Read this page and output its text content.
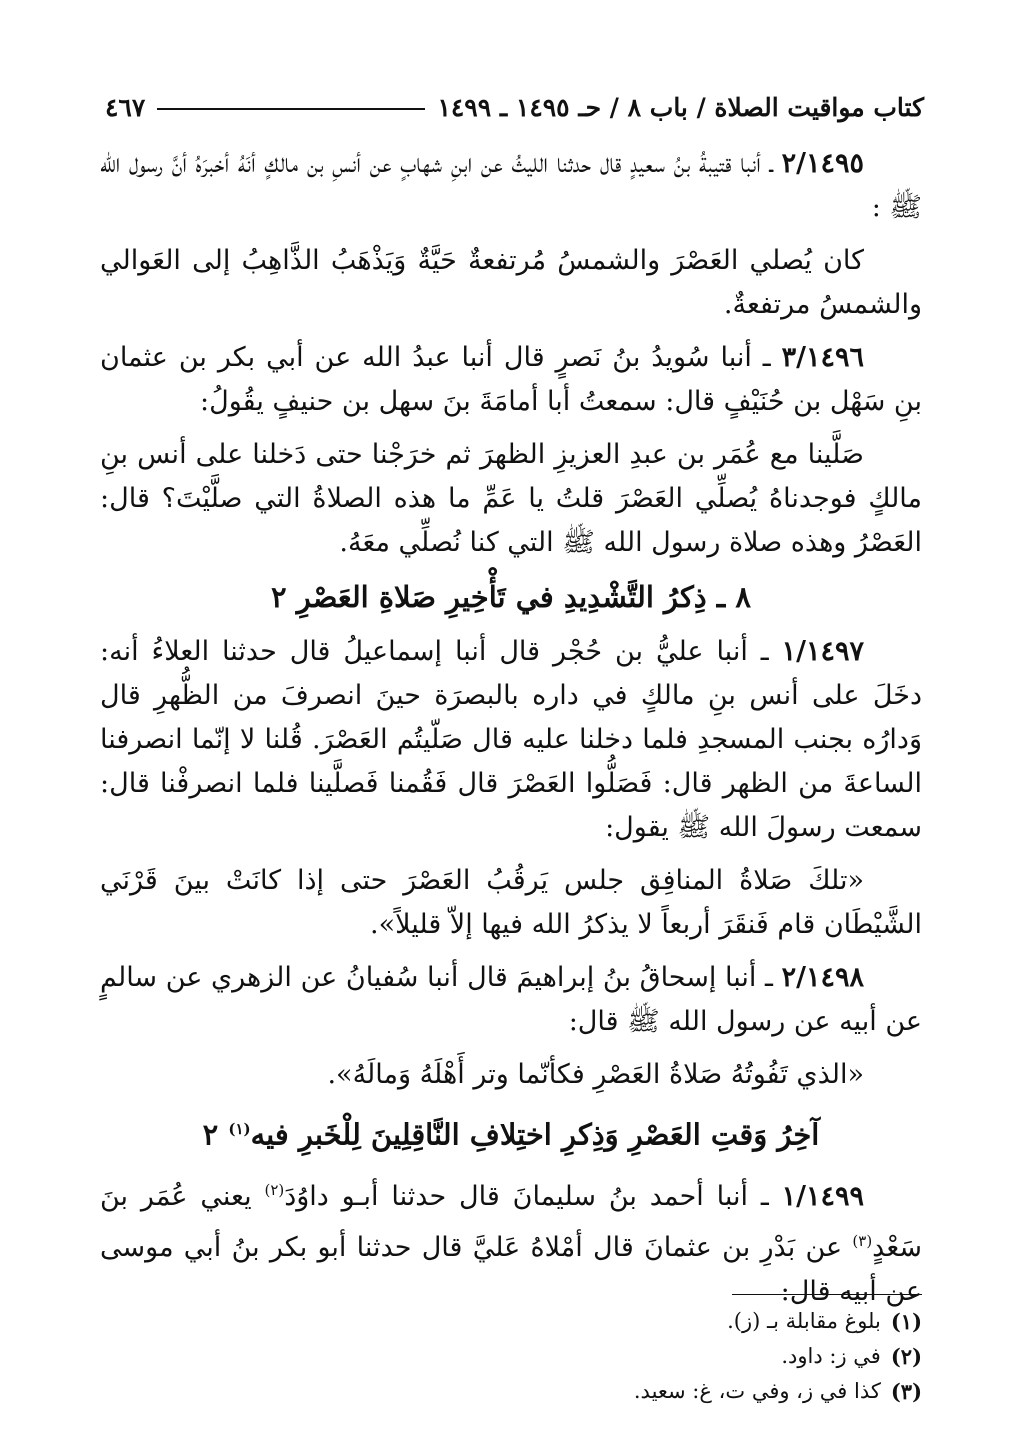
كتاب مواقيت الصلاة / باب ٨ / حـ ١٤٩٥ ـ ١٤٩٩
٤٦٧

٢/١٤٩٥ ـ أنبا قتيبةُ بنُ سعيدٍ قال حدثنا الليثُ عن ابنِ شهابٍ عن أنسِ بن مالكٍ أنَهُ أخبرَهُ أنَّ رسول الله ﷺ :

كان يُصلي العَصْرَ والشمسُ مُرتفعةٌ حَيَّةٌ وَيَذْهَبُ الذَّاهِبُ إلى العَوالي والشمسُ مرتفعةٌ.

٣/١٤٩٦ ـ أنبا سُويدُ بنُ نَصرٍ قال أنبا عبدُ الله عن أبي بكر بن عثمان بنِ سَهْل بن حُنَيْفٍ قال: سمعتُ أبا أمامَةَ بنَ سهل بن حنيفٍ يقُولُ:

صَلَّينا مع عُمَر بن عبدِ العزيزِ الظهرَ ثم خرَجْنا حتى دَخلنا على أنس بنِ مالكٍ فوجدناهُ يُصلِّي العَصْرَ قلتُ يا عَمِّ ما هذه الصلاةُ التي صلَّيْتَ؟ قال: العَصْرُ وهذه صلاة رسول الله ﷺ التي كنا نُصلِّي معَهُ.

٨ ـ ذِكرُ التَّشْدِيدِ في تَأْخِيرِ صَلاةِ العَصْرِ ٢

١/١٤٩٧ ـ أنبا عليُّ بن حُجْر قال أنبا إسماعيلُ قال حدثنا العلاءُ أنه: دخَلَ على أنس بنِ مالكٍ في داره بالبصرَة حينَ انصرفَ من الظُّهرِ قال وَدارُه بجنب المسجدِ فلما دخلنا عليه قال صَلّيتُم العَصْرَ. قُلنا لا إنّما انصرفنا الساعةَ من الظهر قال: فَصَلُّوا العَصْرَ قال فَقُمنا فَصلَّينا فلما انصرفْنا قال: سمعت رسولَ الله ﷺ يقول:

«تلكَ صَلاةُ المنافِق جلس يَرقُبُ العَصْرَ حتى إذا كانَتْ بينَ قَرْنَي الشَّيْطَان قام فَنقَرَ أربعاً لا يذكرُ الله فيها إلاّ قليلاً».

٢/١٤٩٨ ـ أنبا إسحاقُ بنُ إبراهيمَ قال أنبا سُفيانُ عن الزهري عن سالمٍ عن أبيه عن رسول الله ﷺ قال:

«الذي تَفُوتُهُ صَلاةُ العَصْرِ فكأنّما وتر أَهْلَهُ وَمالَهُ».

آخِرُ وَقتِ العَصْرِ وَذِكرِ اختِلافِ النَّاقِلِينَ لِلْخَبرِ فيه$^{(١)}$ ٢

١/١٤٩٩ ـ أنبا أحمد بنُ سليمانَ قال حدثنا أبـو داوُدَ$^{(٢)}$ يعني عُمَر بنَ سَعْدٍ$^{(٣)}$ عن بَدْرِ بن عثمانَ قال أمْلاهُ عَليَّ قال حدثنا أبو بكر بنُ أبي موسى عن أبيه قال:

(١)
بلوغ مقابلة بـ (ز).
(٢)
في ز: داود.
(٣)
كذا في ز، وفي ت، غ: سعيد.
